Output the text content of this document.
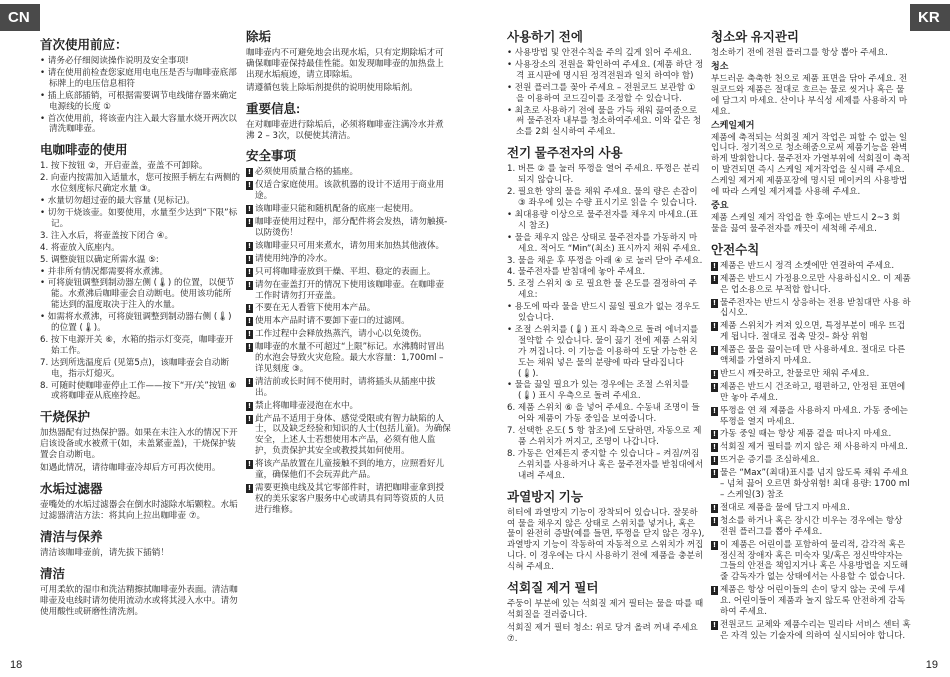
CN	KR
首次使用前应：
• 请务必仔细阅读操作说明及安全事项!
• 请在使用前检查您家庭用电电压是否与咖啡壶底部标牌上的电压信息相符
• 插上底部插销，可根据需要调节电线储存器来确定电源线的长度 ①
• 首次使用前，将该壶内注入最大容量水烧开两次以清洗咖啡壶。
电咖啡壶的使用
1. 按下按钮 ②，开启壶盖，壶盖不可卸除。
2. 向壶内按需加入适量水，您可按照手柄左右两侧的水位刻度标尺确定水量 ③。
• 水量切勿超过壶的最大容量 (见标记)。
• 切勿干烧该壶。如要使用，水量至少达到“下限”标记。
3. 注入水后，将壶盖按下闭合 ④。
4. 将壶放入底座内。
5. 调整旋钮以确定所需水温 ⑤:
• 并非所有情况都需要将水煮沸。
• 可将旋钮调整到制动器左侧 (🌡) 的位置，以便节能。水煮沸后咖啡壶会自动断电。使用该功能所能达到的温度取决于注入的水量。
• 如需将水煮沸，可将旋钮调整到制动器右侧 (🌡) 的位置 (🌡)。
6. 按下电源开关 ⑥，水箱的指示灯变亮，咖啡壶开始工作。
7. 达到所选温度后 (见第5点)，该咖啡壶会自动断电，指示灯熄灭。
8. 可随时使咖啡壶停止工作——按下“开/关”按钮 ⑥ 或将咖啡壶从底座拎起。
干烧保护

加热器配有过热保护器。如果在未注入水的情况下开启该设备或水被煮干(如，未盖紧壶盖)，干烧保护装置会自动断电。

如遇此情况，请待咖啡壶冷却后方可再次使用。

水垢过滤器

壶嘴处的水垢过滤器会在倒水时滤除水垢颗粒。水垢过滤器清洁方法：将其向上拉出咖啡壶 ⑦。

清洁与保养

清洁该咖啡壶前，请先拔下插销！

清洁

可用柔软的湿巾和洗洁精擦拭咖啡壶外表面。清洁咖啡壶及电线时请勿使用流动水或将其浸入水中。请勿使用酸性或研磨性清洗剂。

除垢

咖啡壶内不可避免地会出现水垢，只有定期除垢才可确保咖啡壶保持最佳性能。如发现咖啡壶的加热盘上出现水垢痕迹，请立即除垢。

请遵循包装上除垢剂提供的说明使用除垢剂。

重要信息:

在对咖啡壶进行除垢后，必须将咖啡壶注满冷水并煮沸 2 – 3次，以便使其清洁。

安全事项
! 必须使用质量合格的插座。
! 仅适合家庭使用。该款机器的设计不适用于商业用途。
! 该咖啡壶只能和随机配备的底座一起使用。
! 咖啡壶使用过程中，部分配件将会发热，请勿触摸-以防烫伤！
! 该咖啡壶只可用来煮水，请勿用来加热其他液体。
! 请使用纯净的冷水。
! 只可将咖啡壶放到干燥、平坦、稳定的表面上。
! 请勿在壶盖打开的情况下使用该咖啡壶。在咖啡壶工作时请勿打开壶盖。
! 不要在无人看管下使用本产品。
! 使用本产品时请不要卸下壶口的过滤网。
! 工作过程中会释放热蒸汽，请小心以免烫伤。
! 咖啡壶的水量不可超过“上限”标记。水沸腾时冒出的水泡会导致火灾危险。最大水容量：1,700ml – 详见刻度 ③。
! 清洁前或长时间不使用时，请将插头从插座中拔出。
! 禁止将咖啡壶浸泡在水中。
! 此产品不适用于身体、感觉受限或有智力缺陷的人士，以及缺乏经验和知识的人士(包括儿童)。为确保安全，上述人士若想使用本产品，必须有他人监护，负责保护其安全或教授其如何使用。
! 将该产品放置在儿童接触不到的地方，应照看好儿童，确保他们不会玩弄此产品。
! 需要更换电线及其它零部件时，请把咖啡壶拿到授权的美乐家客户服务中心或请具有同等资质的人员进行维修。
사용하기 전에
• 사용방법 및 안전수칙을 주의 깊게 읽어 주세요.
• 사용장소의 전원을 확인하여 주세요. (제품 하단 정격 표시판에 명시된 정격전원과 일치 하여야 함)
• 전원 플러그를 꽂아 주세요 – 전원코드 보관함 ① 을 이용하여 코드길이를 조정할 수 있습니다.
• 최초로 사용하기 전에 물을 가득 채워 끓여줌으로써 물주전자 내부를 청소하여주세요. 이와 같은 청소를 2회 실시하여 주세요.
전기 물주전자의 사용
1. 버튼 ② 를 눌러 뚜껑을 열어 주세요. 뚜껑은 분리되지 않습니다.
2. 필요한 양의 물을 채워 주세요. 물의 량은 손잡이 ③ 좌우에 있는 수량 표시기로 읽을 수 있습니다.
• 최대용량 이상으로 물주전자를 채우지 마세요.(표시 참조)
• 물을 채우지 않은 상태로 물주전자를 가동하지 마세요. 적어도 “Min”(최소) 표시까지 채워 주세요.
3. 물을 채운 후 뚜껑을 아래 ④ 로 눌러 닫아 주세요.
4. 물주전자를 받침대에 놓아 주세요.
5. 조정 스위치 ⑤ 로 필요한 물 온도를 결정하여 주세요:
• 용도에 따라 물을 반드시 끓일 필요가 없는 경우도 있습니다.
• 조절 스위치를 (🌡) 표시 좌측으로 돌려 에너지를 절약할 수 있습니다. 물이 끓기 전에 제품 스위치가 꺼집니다. 이 기능을 이용하여 도달 가능한 온도는 채워 넣은 물의 분량에 따라 달라집니다 (🌡).
• 물을 끓일 필요가 있는 경우에는 조절 스위치를 (🌡) 표시 우측으로 돌려 주세요.
6. 제품 스위치 ⑥ 을 넣어 주세요. 수동내 조명이 들어와 제품이 가동 중임을 보여줍니다.
7. 선택한 온도( 5 항 참조)에 도달하면, 자동으로 제품 스위치가 꺼지고, 조명이 나갑니다.
8. 가동은 언제든지 중지할 수 있습니다 – 켜짐/꺼짐 스위치를 사용하거나 혹은 물주전자를 받침대에서 내려 주세요.
과열방지 기능

히터에 과열방지 기능이 장착되어 있습니다. 잘못하여 물을 채우지 않은 상태로 스위치를 넣거나, 혹은 물이 완전히 증발(예를 들면, 뚜껑을 닫지 않은 경우), 과열방지 기능이 작동하여 자동적으로 스위치가 꺼집니다. 이 경우에는 다시 사용하기 전에 제품을 충분히 식혀 주세요.

석회질 제거 필터

주둥이 부분에 있는 석회질 제거 필터는 물을 따를 때 석회질을 걸러줍니다.

석회질 제거 필터 청소: 위로 당겨 올려 꺼내 주세요 ⑦.

청소와 유지관리

청소하기 전에 전원 플러그를 항상 뽑아 주세요.

청소

부드러운 축축한 천으로 제품 표면을 닦아 주세요. 전원코드와 제품은 절대로 흐르는 물로 씻거나 혹은 물에 담그지 마세요. 산이나 부식성 세제를 사용하지 마세요.

스케일제거

제품에 축적되는 석회질 제거 작업은 피할 수 없는 일입니다. 정기적으로 청소해줌으로써 제품기능을 완벽하게 발휘합니다. 물주전자 가열부위에 석회질이 축적이 발견되면 즉시 스케일 제거작업을 실시해 주세요. 스케일 제거제 제품포장에 명시된 메이커의 사용방법에 따라 스케일 제거제를 사용해 주세요.

중요

제품 스케일 제거 작업을 한 후에는 반드시 2~3 회 물을 끓여 물주전자를 깨끗이 세척해 주세요.

안전수칙
! 제품은 반드시 정격 소켓에만 연결하여 주세요.
! 제품은 반드시 가정용으로만 사용하십시오. 이 제품은 업소용으로 부적합 합니다.
! 물주전자는 반드시 상응하는 전용 받침대만 사용 하십시오.
! 제품 스위치가 켜져 있으면, 특정부분이 매우 뜨겁게 됩니다. 절대로 접촉 말것– 화상 위험
! 제품은 물을 끓이는데 만 사용하세요. 절대로 다른 액체를 가열하지 마세요.
! 반드시 깨끗하고, 찬물로만 채워 주세요.
! 제품은 반드시 건조하고, 평편하고, 안정된 표면에만 놓아 주세요.
! 뚜껑을 연 채 제품을 사용하지 마세요. 가동 중에는 뚜껑을 열지 마세요.
! 가동 중일 때는 항상 제품 곁을 떠나지 마세요.
! 석회질 제거 필터를 끼지 않은 채 사용하지 마세요.
! 뜨거운 증기를 조심하세요.
! 물은 “Max”(최대)표시를 넘지 않도록 채워 주세요 – 넘쳐 끓어 오르면 화상위험! 최대 용량: 1700 ml – 스케일(3) 참조
! 절대로 제품을 물에 담그지 마세요.
! 청소를 하거나 혹은 장시간 비우는 경우에는 항상 전원 플러그를 뽑아 주세요.
! 이 제품은 어린이를 포함하여 물리적, 감각적 혹은 정신적 장애자 혹은 미숙자 및/혹은 정신박약자는 그들의 안전을 책임지거나 혹은 사용방법을 지도해줄 감독자가 없는 상태에서는 사용할 수 없습니다.
! 제품은 항상 어린이들의 손이 닿지 않는 곳에 두세요. 어린이들이 제품과 놀지 않도록 안전하게 감독하여 주세요.
! 전원코드 교체와 제품수리는 밀리타 서비스 센터 혹은 자격 있는 기술자에 의하여 실시되어야 합니다.
18	19
